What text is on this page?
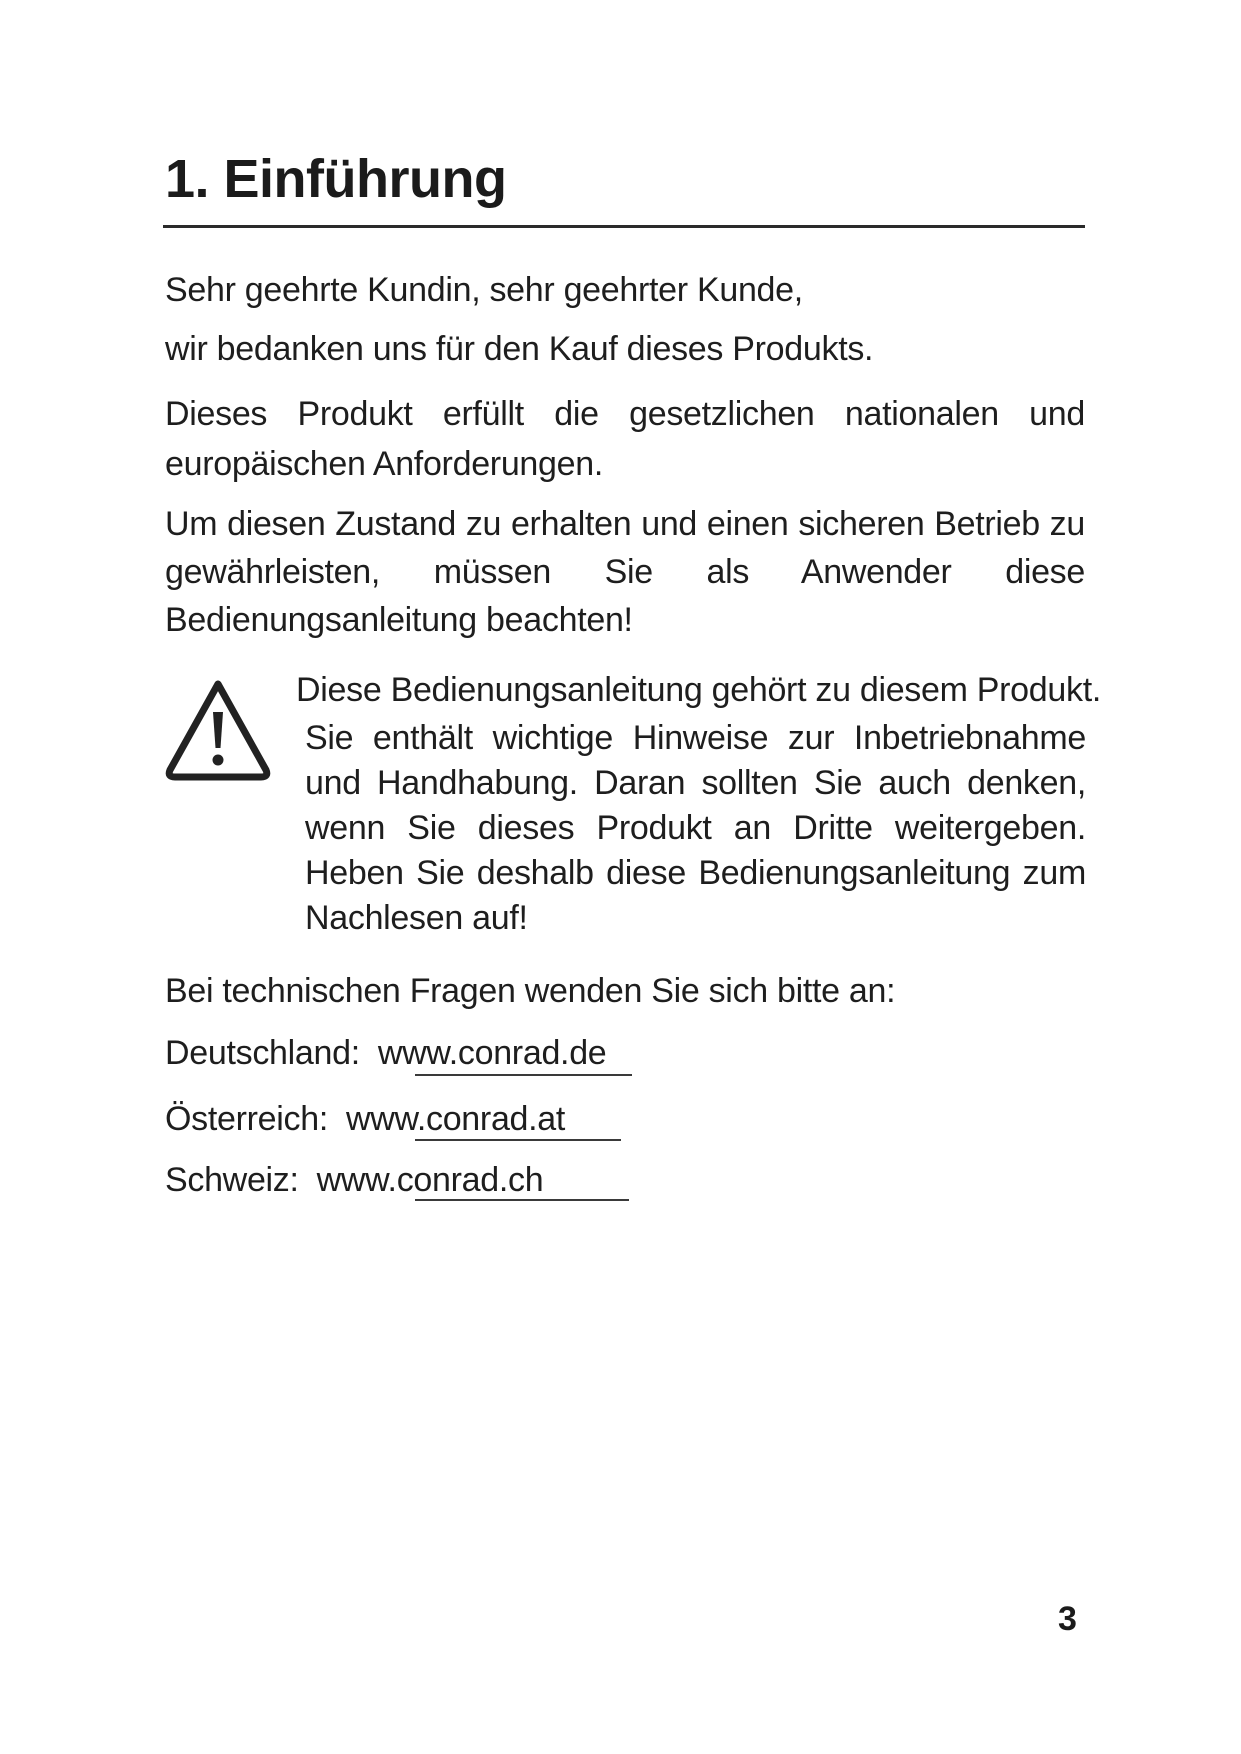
1. Einführung

Sehr geehrte Kundin, sehr geehrter Kunde,

wir bedanken uns für den Kauf dieses Produkts.

Dieses Produkt erfüllt die gesetzlichen nationalen und europäischen Anforderungen.

Um diesen Zustand zu erhalten und einen sicheren Betrieb zu gewährleisten, müssen Sie als Anwender diese Bedienungsanleitung beachten!

Diese Bedienungsanleitung gehört zu diesem Produkt.

Sie enthält wichtige Hinweise zur Inbetriebnahme und Handhabung. Daran sollten Sie auch denken, wenn Sie dieses Produkt an Dritte weitergeben. Heben Sie deshalb diese Bedienungsanleitung zum Nachlesen auf!

Bei technischen Fragen wenden Sie sich bitte an:

Deutschland: www.conrad.de

Österreich: www.conrad.at

Schweiz: www.conrad.ch

3
